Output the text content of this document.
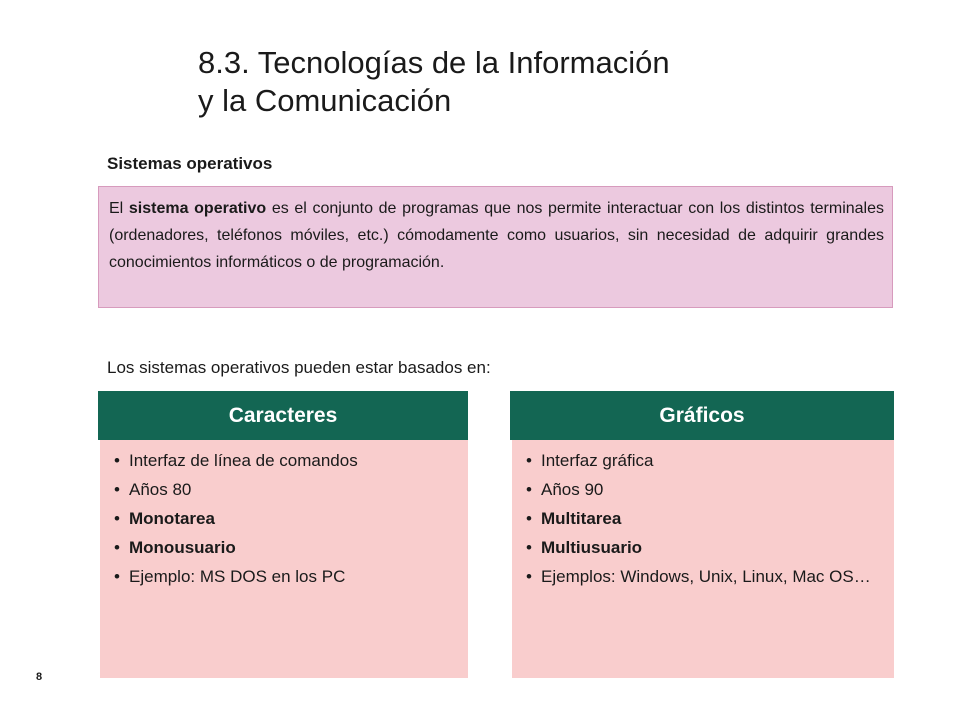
8.3. Tecnologías de la Información
y la Comunicación
Sistemas operativos
El sistema operativo es el conjunto de programas que nos permite interactuar con los distintos terminales (ordenadores, teléfonos móviles, etc.) cómodamente como usuarios, sin necesidad de adquirir grandes conocimientos informáticos o de programación.
Los sistemas operativos pueden estar basados en:
Caracteres
• Interfaz de línea de comandos
• Años 80
• Monotarea
• Monousuario
• Ejemplo: MS DOS en los PC
Gráficos
• Interfaz gráfica
• Años 90
• Multitarea
• Multiusuario
• Ejemplos: Windows, Unix, Linux, Mac OS…
8
